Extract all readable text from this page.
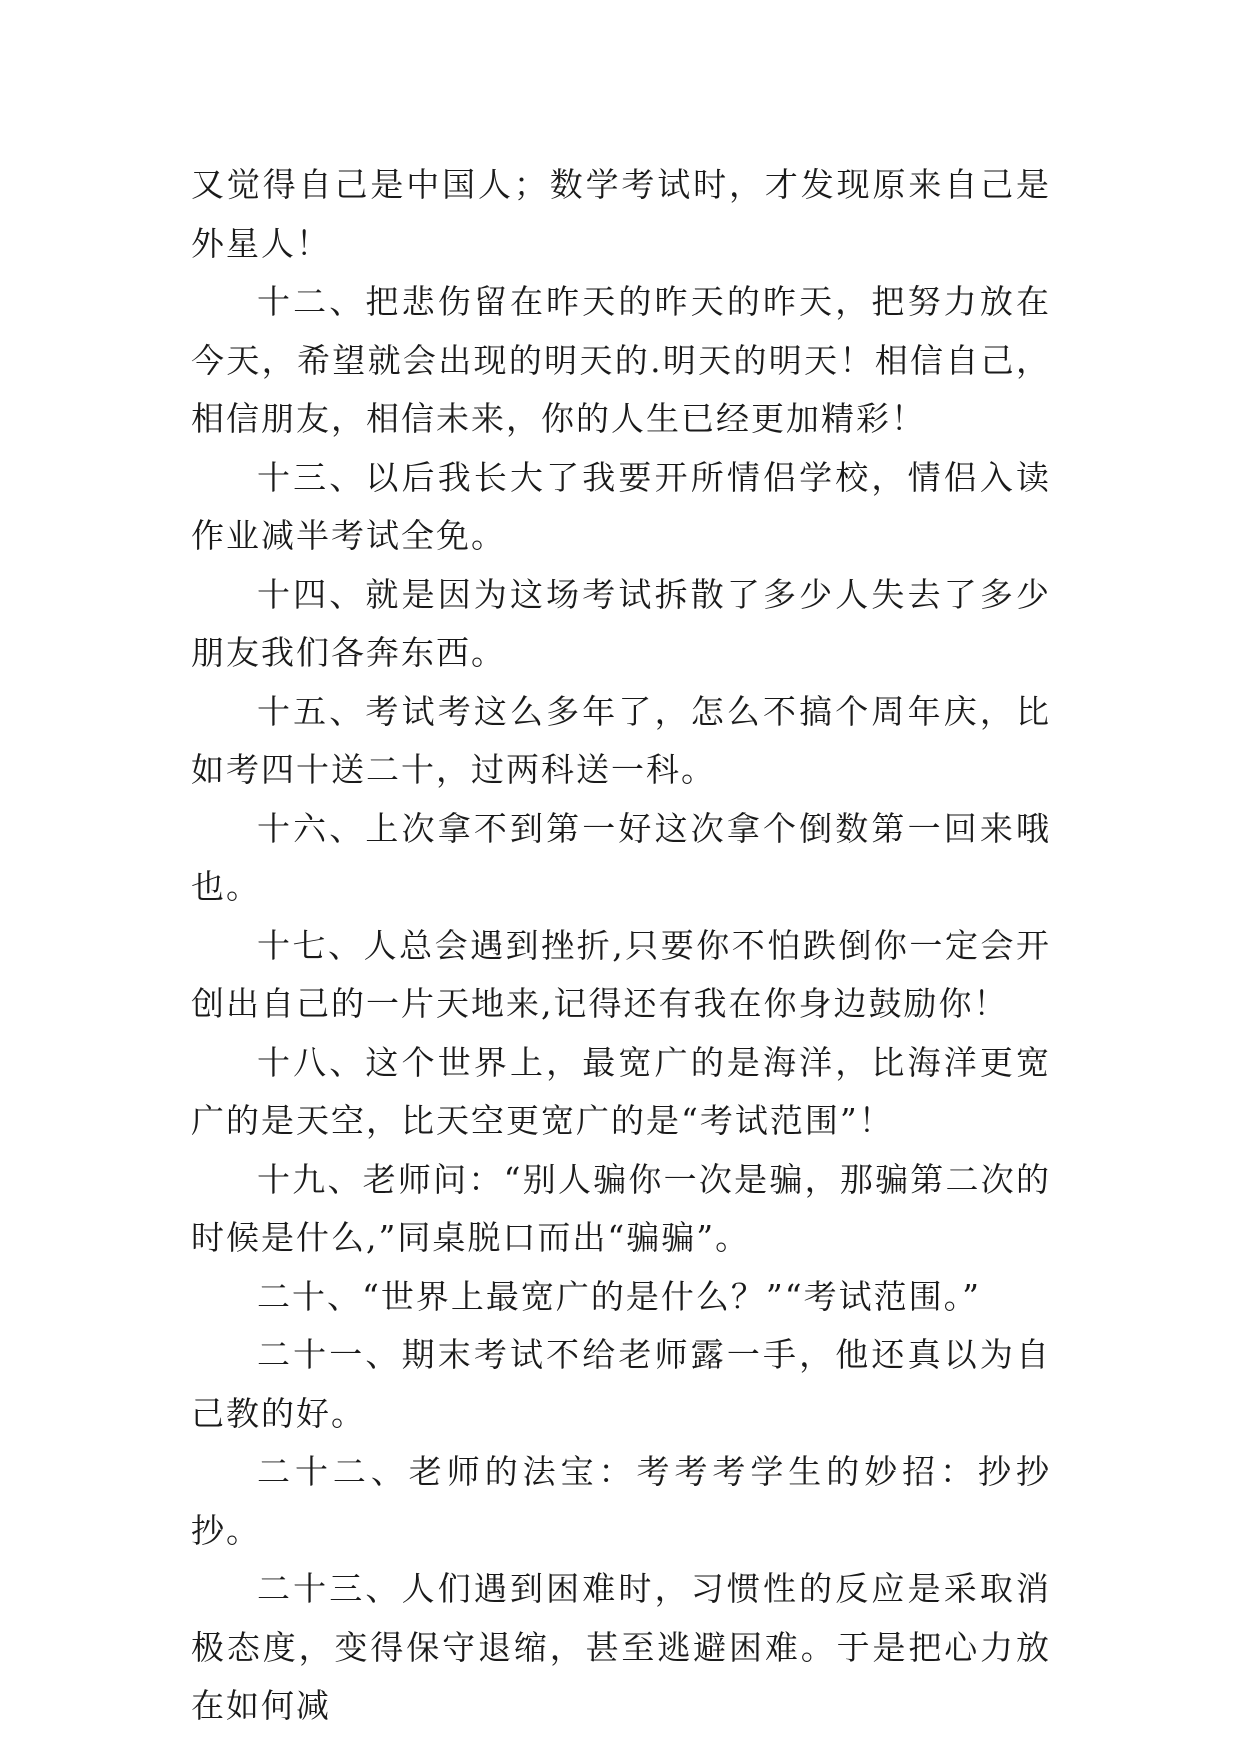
又觉得自己是中国人；数学考试时，才发现原来自己是外星人！

十二、把悲伤留在昨天的昨天的昨天，把努力放在今天，希望就会出现的明天的.明天的明天！相信自己，相信朋友，相信未来，你的人生已经更加精彩！

十三、以后我长大了我要开所情侣学校，情侣入读作业减半考试全免。

十四、就是因为这场考试拆散了多少人失去了多少朋友我们各奔东西。

十五、考试考这么多年了，怎么不搞个周年庆，比如考四十送二十，过两科送一科。

十六、上次拿不到第一好这次拿个倒数第一回来哦也。

十七、人总会遇到挫折,只要你不怕跌倒你一定会开创出自己的一片天地来,记得还有我在你身边鼓励你！

十八、这个世界上，最宽广的是海洋，比海洋更宽广的是天空，比天空更宽广的是“考试范围”！

十九、老师问：“别人骗你一次是骗，那骗第二次的时候是什么,”同桌脱口而出“骗骗”。

二十、“世界上最宽广的是什么？”“考试范围。”

二十一、期末考试不给老师露一手，他还真以为自己教的好。

二十二、老师的法宝：考考考学生的妙招：抄抄抄。

二十三、人们遇到困难时，习惯性的反应是采取消极态度，变得保守退缩，甚至逃避困难。于是把心力放在如何减
